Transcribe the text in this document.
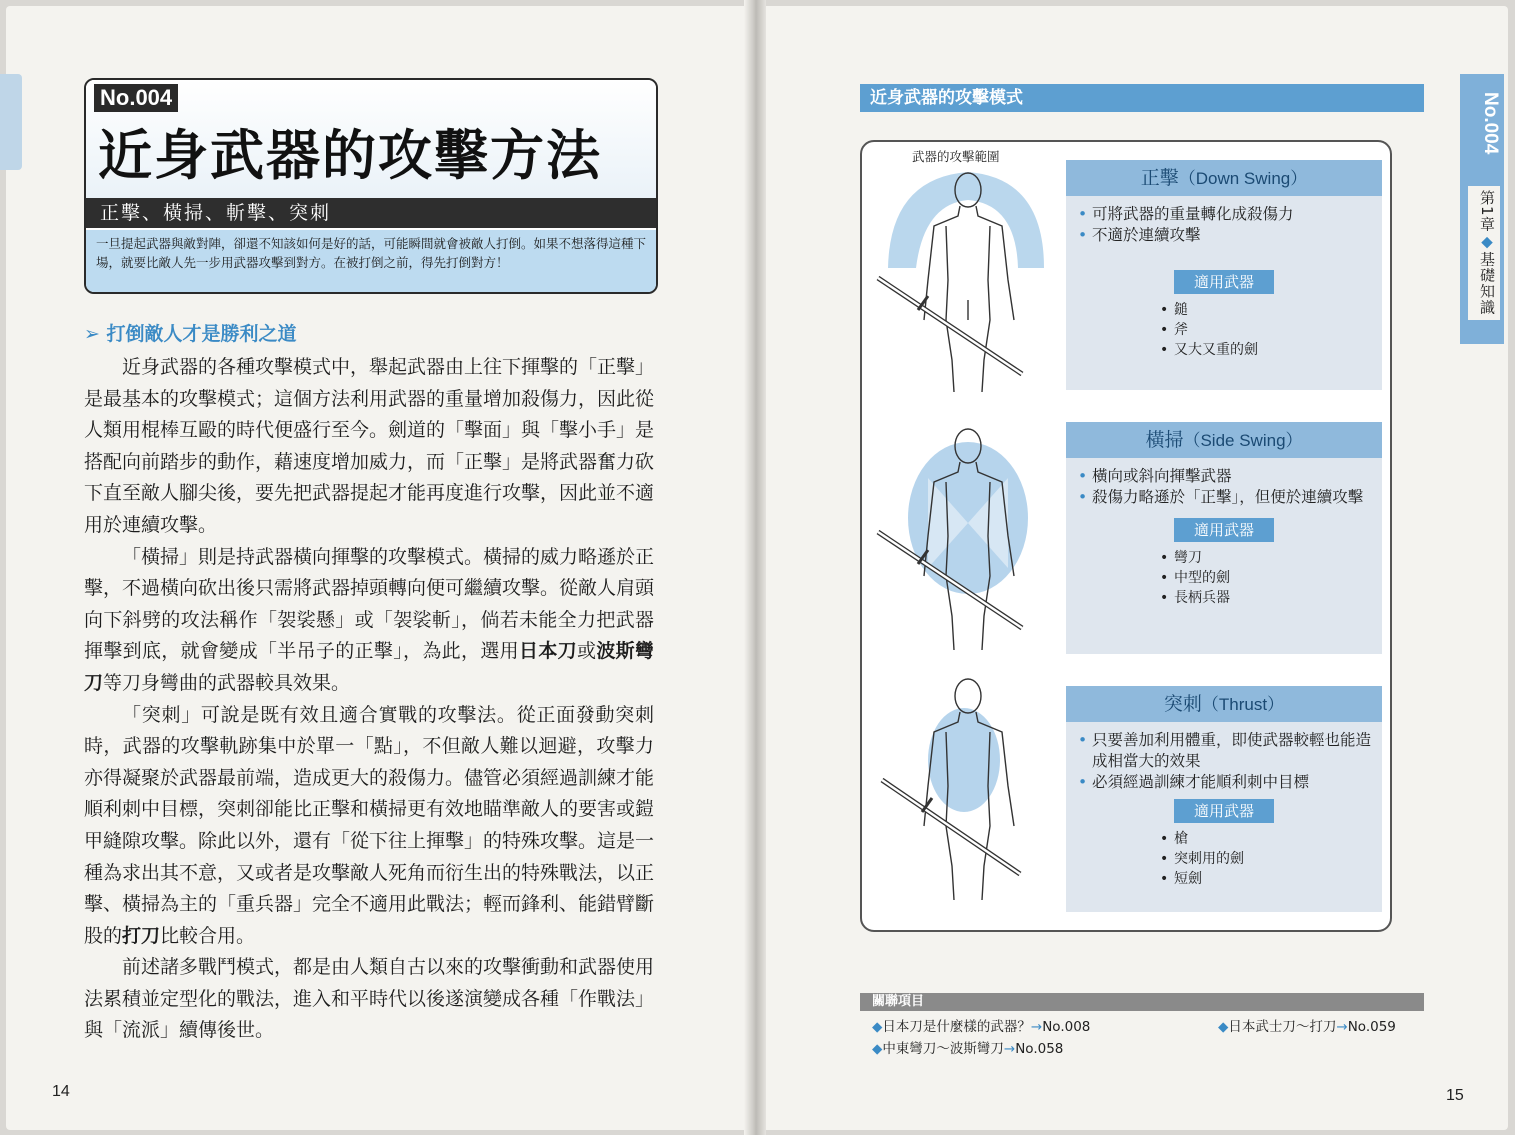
No.004
近身武器的攻擊方法
正擊、橫掃、斬擊、突刺
一旦提起武器與敵對陣，卻還不知該如何是好的話，可能瞬間就會被敵人打倒。如果不想落得這種下場，就要比敵人先一步用武器攻擊到對方。在被打倒之前，得先打倒對方！
➢ 打倒敵人才是勝利之道

近身武器的各種攻擊模式中，舉起武器由上往下揮擊的「正擊」是最基本的攻擊模式；這個方法利用武器的重量增加殺傷力，因此從人類用棍棒互毆的時代便盛行至今。劍道的「擊面」與「擊小手」是搭配向前踏步的動作，藉速度增加威力，而「正擊」是將武器奮力砍下直至敵人腳尖後，要先把武器提起才能再度進行攻擊，因此並不適用於連續攻擊。

「橫掃」則是持武器橫向揮擊的攻擊模式。橫掃的威力略遜於正擊，不過橫向砍出後只需將武器掉頭轉向便可繼續攻擊。從敵人肩頭向下斜劈的攻法稱作「袈裟懸」或「袈裟斬」，倘若未能全力把武器揮擊到底，就會變成「半吊子的正擊」，為此，選用日本刀或波斯彎刀等刀身彎曲的武器較具效果。

「突刺」可說是既有效且適合實戰的攻擊法。從正面發動突刺時，武器的攻擊軌跡集中於單一「點」，不但敵人難以迴避，攻擊力亦得凝聚於武器最前端，造成更大的殺傷力。儘管必須經過訓練才能順利刺中目標，突刺卻能比正擊和橫掃更有效地瞄準敵人的要害或鎧甲縫隙攻擊。除此以外，還有「從下往上揮擊」的特殊攻擊。這是一種為求出其不意，又或者是攻擊敵人死角而衍生出的特殊戰法，以正擊、橫掃為主的「重兵器」完全不適用此戰法；輕而鋒利、能錯臂斷股的打刀比較合用。

前述諸多戰鬥模式，都是由人類自古以來的攻擊衝動和武器使用法累積並定型化的戰法，進入和平時代以後遂演變成各種「作戰法」與「流派」續傳後世。

14
近身武器的攻擊模式
武器的攻擊範圍
正擊（Down Swing）
• 可將武器的重量轉化成殺傷力
• 不適於連續攻擊
適用武器
• 鎚
• 斧
• 又大又重的劍
橫掃（Side Swing）
• 橫向或斜向揮擊武器
• 殺傷力略遜於「正擊」，但便於連續攻擊
適用武器
• 彎刀
• 中型的劍
• 長柄兵器
突刺（Thrust）
• 只要善加利用體重，即使武器較輕也能造成相當大的效果
• 必須經過訓練才能順利刺中目標
適用武器
• 槍
• 突刺用的劍
• 短劍
No.004
第1章◆基礎知識
關聯項目
◆日本刀是什麼樣的武器？→No.008
◆中東彎刀～波斯彎刀→No.058
◆日本武士刀～打刀→No.059
15
